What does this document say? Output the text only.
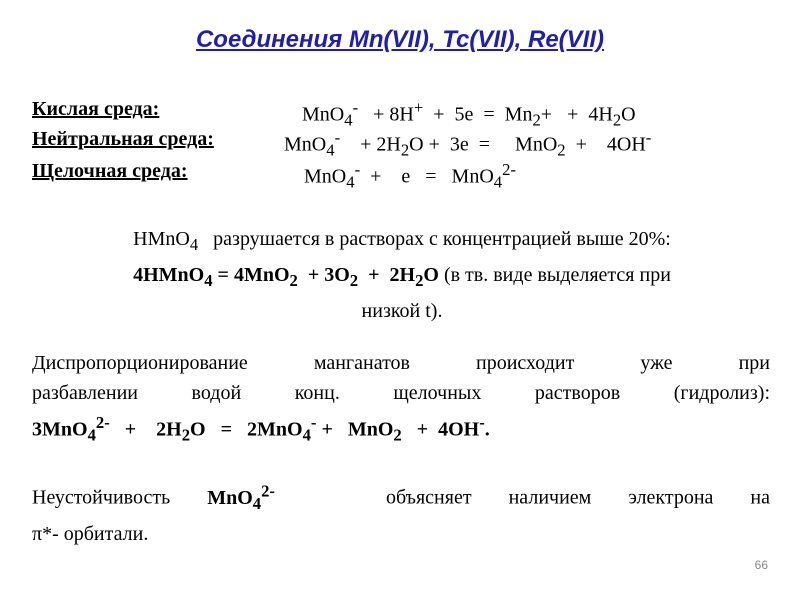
Соединения Mn(VII), Tc(VII), Re(VII)
Кислая среда:	$MnO_4^- + 8H^+ + 5e = Mn_2+ + 4H_2O$
Нейтральная среда:	MnO$_4$-    + $2H_2O + 3e$  =     MnO$_2$  +    4OH-
Щелочная среда:	MnO$_4$-  +    e   =   MnO$_4^{2-}$
HMnO$_4$   разрушается в растворах с концентрацией выше 20%:
4HMnO$_4$ = $4MnO_2 + 3O_2 + 2H_2O$ (в тв. виде выделяется при
низкой t).
Диспропорционирование манганатов происходит уже при
разбавлении водой конц. щелочных растворов (гидролиз):
3MnO$_4^{2-}$   +    $2H_2O = 2MnO_4^- + MnO_2 + 4OH^-$.
Неустойчивость MnO$_4^{2-}$   объясняет наличием электрона на
π*- орбитали.
66
